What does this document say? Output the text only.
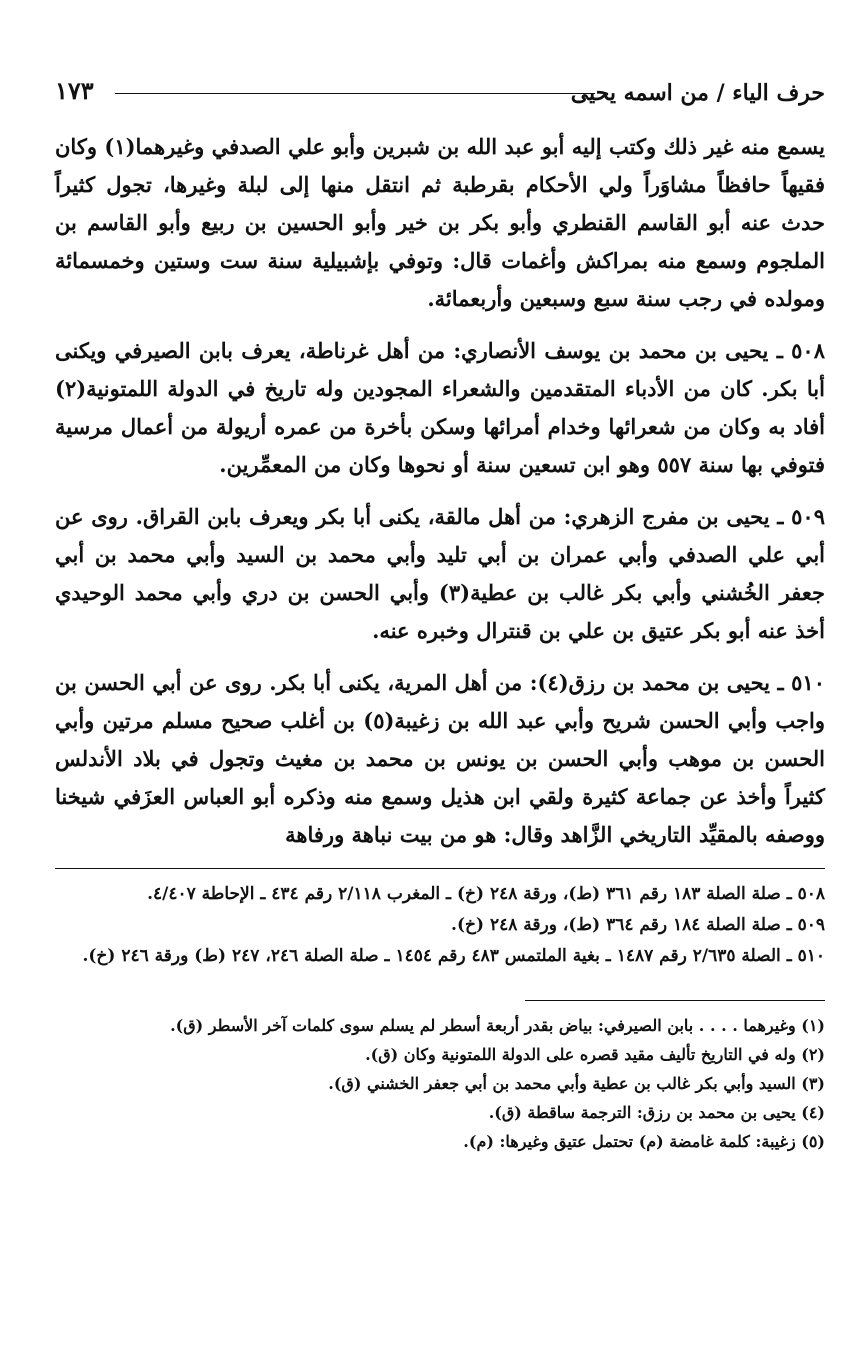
حرف الياء / من اسمه يحيى
١٧٣

يسمع منه غير ذلك وكتب إليه أبو عبد الله بن شبرين وأبو علي الصدفي وغيرهما(١) وكان فقيهاً حافظاً مشاوَراً ولي الأحكام بقرطبة ثم انتقل منها إلى لبلة وغيرها، تجول كثيراً حدث عنه أبو القاسم القنطري وأبو بكر بن خير وأبو الحسين بن ربيع وأبو القاسم بن الملجوم وسمع منه بمراكش وأغمات قال: وتوفي بإشبيلية سنة ست وستين وخمسمائة ومولده في رجب سنة سبع وسبعين وأربعمائة.

٥٠٨ ـ يحيى بن محمد بن يوسف الأنصاري: من أهل غرناطة، يعرف بابن الصيرفي ويكنى أبا بكر. كان من الأدباء المتقدمين والشعراء المجودين وله تاريخ في الدولة اللمتونية(٢) أفاد به وكان من شعرائها وخدام أمرائها وسكن بأخرة من عمره أريولة من أعمال مرسية فتوفي بها سنة ٥٥٧ وهو ابن تسعين سنة أو نحوها وكان من المعمِّرين.

٥٠٩ ـ يحيى بن مفرج الزهري: من أهل مالقة، يكنى أبا بكر ويعرف بابن القراق. روى عن أبي علي الصدفي وأبي عمران بن أبي تليد وأبي محمد بن السيد وأبي محمد بن أبي جعفر الخُشني وأبي بكر غالب بن عطية(٣) وأبي الحسن بن دري وأبي محمد الوحيدي أخذ عنه أبو بكر عتيق بن علي بن قنترال وخبره عنه.

٥١٠ ـ يحيى بن محمد بن رزق(٤): من أهل المرية، يكنى أبا بكر. روى عن أبي الحسن بن واجب وأبي الحسن شريح وأبي عبد الله بن زغيبة(٥) بن أغلب صحيح مسلم مرتين وأبي الحسن بن موهب وأبي الحسن بن يونس بن محمد بن مغيث وتجول في بلاد الأندلس كثيراً وأخذ عن جماعة كثيرة ولقي ابن هذيل وسمع منه وذكره أبو العباس العزَفي شيخنا ووصفه بالمقيِّد التاريخي الزَّاهد وقال: هو من بيت نباهة ورفاهة

٥٠٨ ـ صلة الصلة ١٨٣ رقم ٣٦١ (ط)، ورقة ٢٤٨ (خ) ـ المغرب ٢/١١٨ رقم ٤٣٤ ـ الإحاطة ٤/٤٠٧.

٥٠٩ ـ صلة الصلة ١٨٤ رقم ٣٦٤ (ط)، ورقة ٢٤٨ (خ).

٥١٠ ـ الصلة ٢/٦٣٥ رقم ١٤٨٧ ـ بغية الملتمس ٤٨٣ رقم ١٤٥٤ ـ صلة الصلة ٢٤٦، ٢٤٧ (ط) ورقة ٢٤٦ (خ).

(١) وغيرهما . . . . بابن الصيرفي: بياض بقدر أربعة أسطر لم يسلم سوى كلمات آخر الأسطر (ق).

(٢) وله في التاريخ تأليف مقيد قصره على الدولة اللمتونية وكان (ق).

(٣) السيد وأبي بكر غالب بن عطية وأبي محمد بن أبي جعفر الخشني (ق).

(٤) يحيى بن محمد بن رزق: الترجمة ساقطة (ق).

(٥) زغيبة: كلمة غامضة (م) تحتمل عتيق وغيرها: (م).
